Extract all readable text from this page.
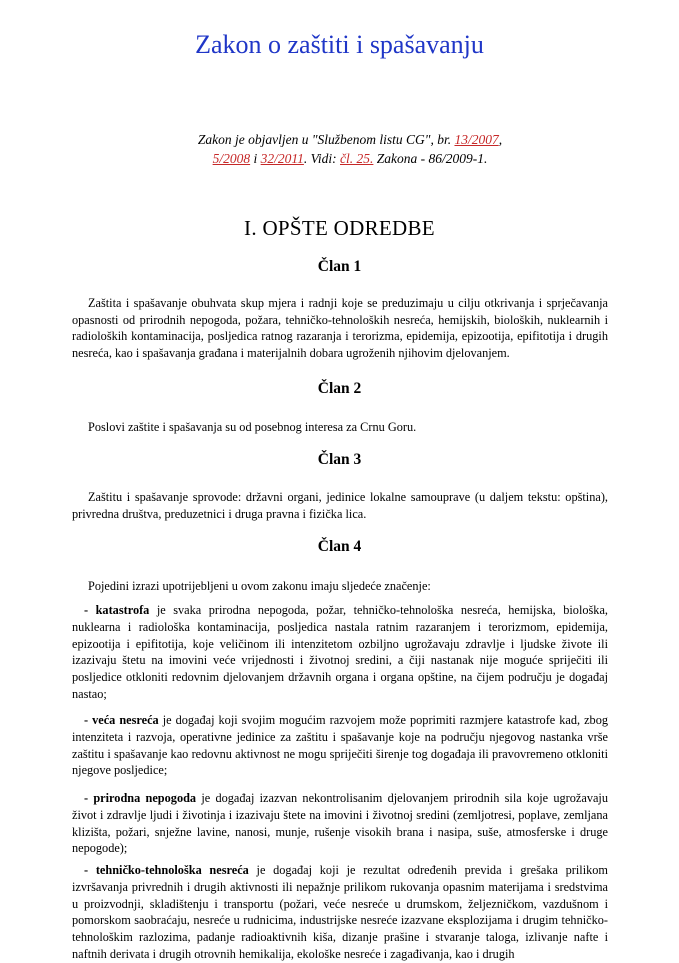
Zakon o zaštiti i spašavanju
Zakon je objavljen u "Službenom listu CG", br. 13/2007,
5/2008 i 32/2011. Vidi: čl. 25. Zakona - 86/2009-1.
I. OPŠTE ODREDBE
Član 1
Zaštita i spašavanje obuhvata skup mjera i radnji koje se preduzimaju u cilju otkrivanja i sprječavanja opasnosti od prirodnih nepogoda, požara, tehničko-tehnoloških nesreća, hemijskih, bioloških, nuklearnih i radioloških kontaminacija, posljedica ratnog razaranja i terorizma, epidemija, epizootija, epifitotija i drugih nesreća, kao i spašavanja građana i materijalnih dobara ugroženih njihovim djelovanjem.
Član 2
Poslovi zaštite i spašavanja su od posebnog interesa za Crnu Goru.
Član 3
Zaštitu i spašavanje sprovode: državni organi, jedinice lokalne samouprave (u daljem tekstu: opština), privredna društva, preduzetnici i druga pravna i fizička lica.
Član 4
Pojedini izrazi upotrijebljeni u ovom zakonu imaju sljedeće značenje:
- katastrofa je svaka prirodna nepogoda, požar, tehničko-tehnološka nesreća, hemijska, biološka, nuklearna i radiološka kontaminacija, posljedica nastala ratnim razaranjem i terorizmom, epidemija, epizootija i epifitotija, koje veličinom ili intenzitetom ozbiljno ugrožavaju zdravlje i ljudske živote ili izazivaju štetu na imovini veće vrijednosti i životnoj sredini, a čiji nastanak nije moguće spriječiti ili posljedice otkloniti redovnim djelovanjem državnih organa i organa opštine, na čijem području je događaj nastao;
- veća nesreća je događaj koji svojim mogućim razvojem može poprimiti razmjere katastrofe kad, zbog intenziteta i razvoja, operativne jedinice za zaštitu i spašavanje koje na području njegovog nastanka vrše zaštitu i spašavanje kao redovnu aktivnost ne mogu spriječiti širenje tog događaja ili pravovremeno otkloniti njegove posljedice;
- prirodna nepogoda je događaj izazvan nekontrolisanim djelovanjem prirodnih sila koje ugrožavaju život i zdravlje ljudi i životinja i izazivaju štete na imovini i životnoj sredini (zemljotresi, poplave, zemljana klizišta, požari, snježne lavine, nanosi, munje, rušenje visokih brana i nasipa, suše, atmosferske i druge nepogode);
- tehničko-tehnološka nesreća je događaj koji je rezultat određenih previda i grešaka prilikom izvršavanja privrednih i drugih aktivnosti ili nepažnje prilikom rukovanja opasnim materijama i sredstvima u proizvodnji, skladištenju i transportu (požari, veće nesreće u drumskom, željezničkom, vazdušnom i pomorskom saobraćaju, nesreće u rudnicima, industrijske nesreće izazvane eksplozijama i drugim tehničko-tehnološkim razlozima, padanje radioaktivnih kiša, dizanje prašine i stvaranje taloga, izlivanje nafte i naftnih derivata i drugih otrovnih hemikalija, ekološke nesreće i zagađivanja, kao i drugih
